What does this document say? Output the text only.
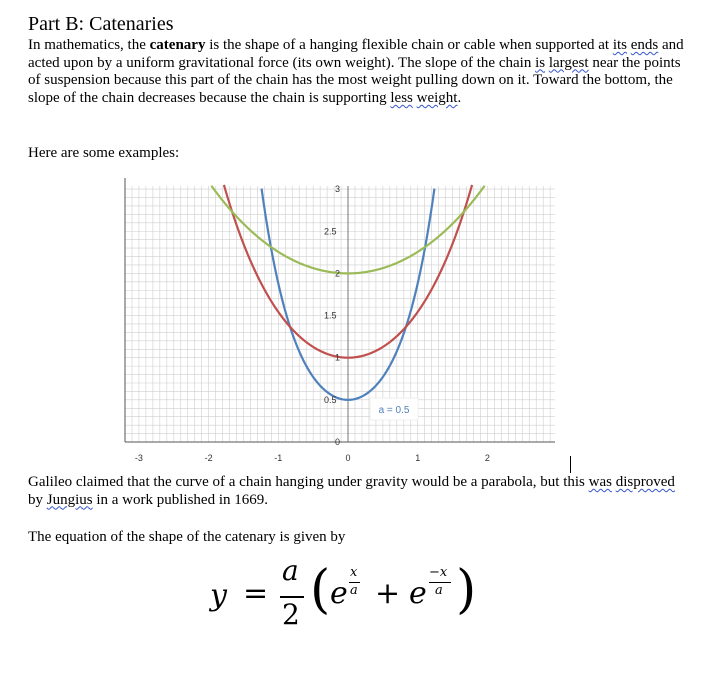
Part B: Catenaries
In mathematics, the catenary is the shape of a hanging flexible chain or cable when supported at its ends and acted upon by a uniform gravitational force (its own weight). The slope of the chain is largest near the points of suspension because this part of the chain has the most weight pulling down on it. Toward the bottom, the slope of the chain decreases because the chain is supporting less weight.
Here are some examples:
-3	-2	-1	0	1	2
0
1
2
3
0.5
1.5
2.5
a = 0.5
Galileo claimed that the curve of a chain hanging under gravity would be a parabola, but this was disproved by Jungius in a work published in 1669.
The equation of the shape of the catenary is given by
y =
a
2 ( e
x
a + e
−x
a )
